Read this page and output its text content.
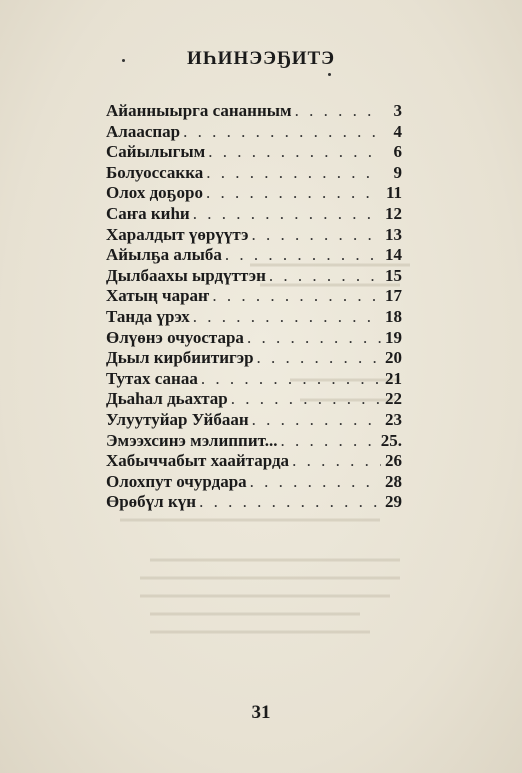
ИҺИНЭЭҔИТЭ
Айанныырга сананным . . .	3
Алааспар . . .	4
Сайылыгым . . .	6
Болуоссакка . . .	9
Олох доҕоро . . .	11
Саҥа киһи . . .	12
Харалдыт үөрүүтэ . . .	13
Айылҕа алыба . . .	14
Дылбаахы ырдүттэн . . .	15
Хатың чараҥ . . .	17
Танда үрэх . . .	18
Өлүөнэ очуостара . . .	19
Дьыл кирбиитигэр . . .	20
Тутах санаа . . .	21
Дьаһал дьахтар . . .	22
Улуутуйар Уйбаан . . .	23
Эмээхсинэ мэлиппит... . . .	25.
Хабыччабыт хаайтарда . . .	26
Олохпут очурдара . . .	28
Өрөбүл күн . . .	29
31
